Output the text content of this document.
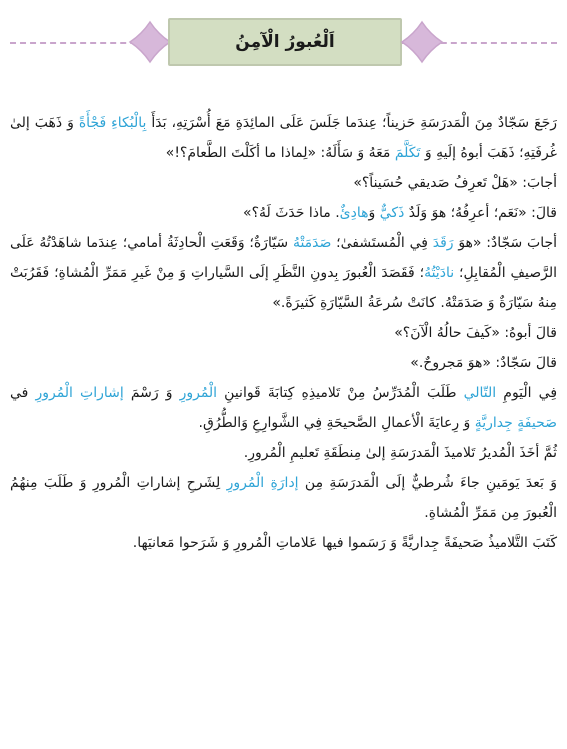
اَلْعُبورُ الْآمِنُ

رَجَعَ سَجّادٌ مِنَ الْمَدرَسَةِ حَزيناً؛ عِندَما جَلَسَ عَلَى المائِدَةِ مَعَ أُسْرَتِهِ، بَدَأَ بِالْبُكاءِ فَجْأَةً وَ ذَهَبَ إلىٰ غُرفَتِهِ؛ ذَهَبَ أبوهُ إلَيهِ وَ تَكَلَّمَ مَعَهُ وَ سَأَلَهُ: «لِماذا ما أكَلْتَ الطَّعامَ؟!»

أجابَ: «هَلْ تَعرِفُ صَديقي حُسَيناً؟»

قالَ: «نَعَم؛ أعرِفُهُ؛ هوَ وَلَدٌ ذَكيٌّ وَهادِئٌ. ماذا حَدَثَ لَهُ؟»

أجابَ سَجّادٌ: «هوَ رَقَدَ فِي الْمُستَشفىٰ؛ صَدَمَتْهُ سَيّارَةٌ؛ وَقَعَتِ الْحادِثَةُ أمامي؛ عِندَما شاهَدْتُهُ عَلَى الرَّصيفِ الْمُقابِلِ؛ نادَيْتُهُ؛ فَقَصَدَ الْعُبورَ بِدونِ النَّظَرِ إلَى السَّياراتِ وَ مِنْ غَيرِ مَمَرِّ الْمُشاةِ؛ فَقَرُبَتْ مِنهُ سَيّارَةٌ وَ صَدَمَتْهُ. كانَتْ سُرعَةُ السَّيّارَةِ كَثيرَةً.»

قالَ أبوهُ: «كَيفَ حالُهُ الْآنَ؟»

قالَ سَجّادٌ: «هوَ مَجروحٌ.»

فِي الْيَومِ التّالي طَلَبَ الْمُدَرِّسُ مِنْ تَلاميذِهِ كِتابَةَ قَوانينِ الْمُرورِ وَ رَسْمَ إشاراتِ الْمُرورِ في صَحيفَةٍ جِداريَّةٍ وَ رِعايَةَ الْأعمالِ الصَّحيحَةِ فِي الشَّوارِعِ وَالطُّرُقِ.

ثُمَّ أخَذَ الْمُديرُ تَلاميذَ الْمَدرَسَةِ إلىٰ مِنطَقَةِ تَعليمِ الْمُرورِ.

وَ بَعدَ يَومَينِ جاءَ شُرطيٌّ إلَى الْمَدرَسَةِ مِن إدارَةِ الْمُرورِ لِشَرحِ إشاراتِ الْمُرورِ وَ طَلَبَ مِنهُمُ الْعُبورَ مِن مَمَرِّ الْمُشاةِ.

كَتَبَ التَّلاميذُ صَحيفَةً جِداريَّةً وَ رَسَموا فيها عَلاماتِ الْمُرورِ وَ شَرَحوا مَعانيَها.
